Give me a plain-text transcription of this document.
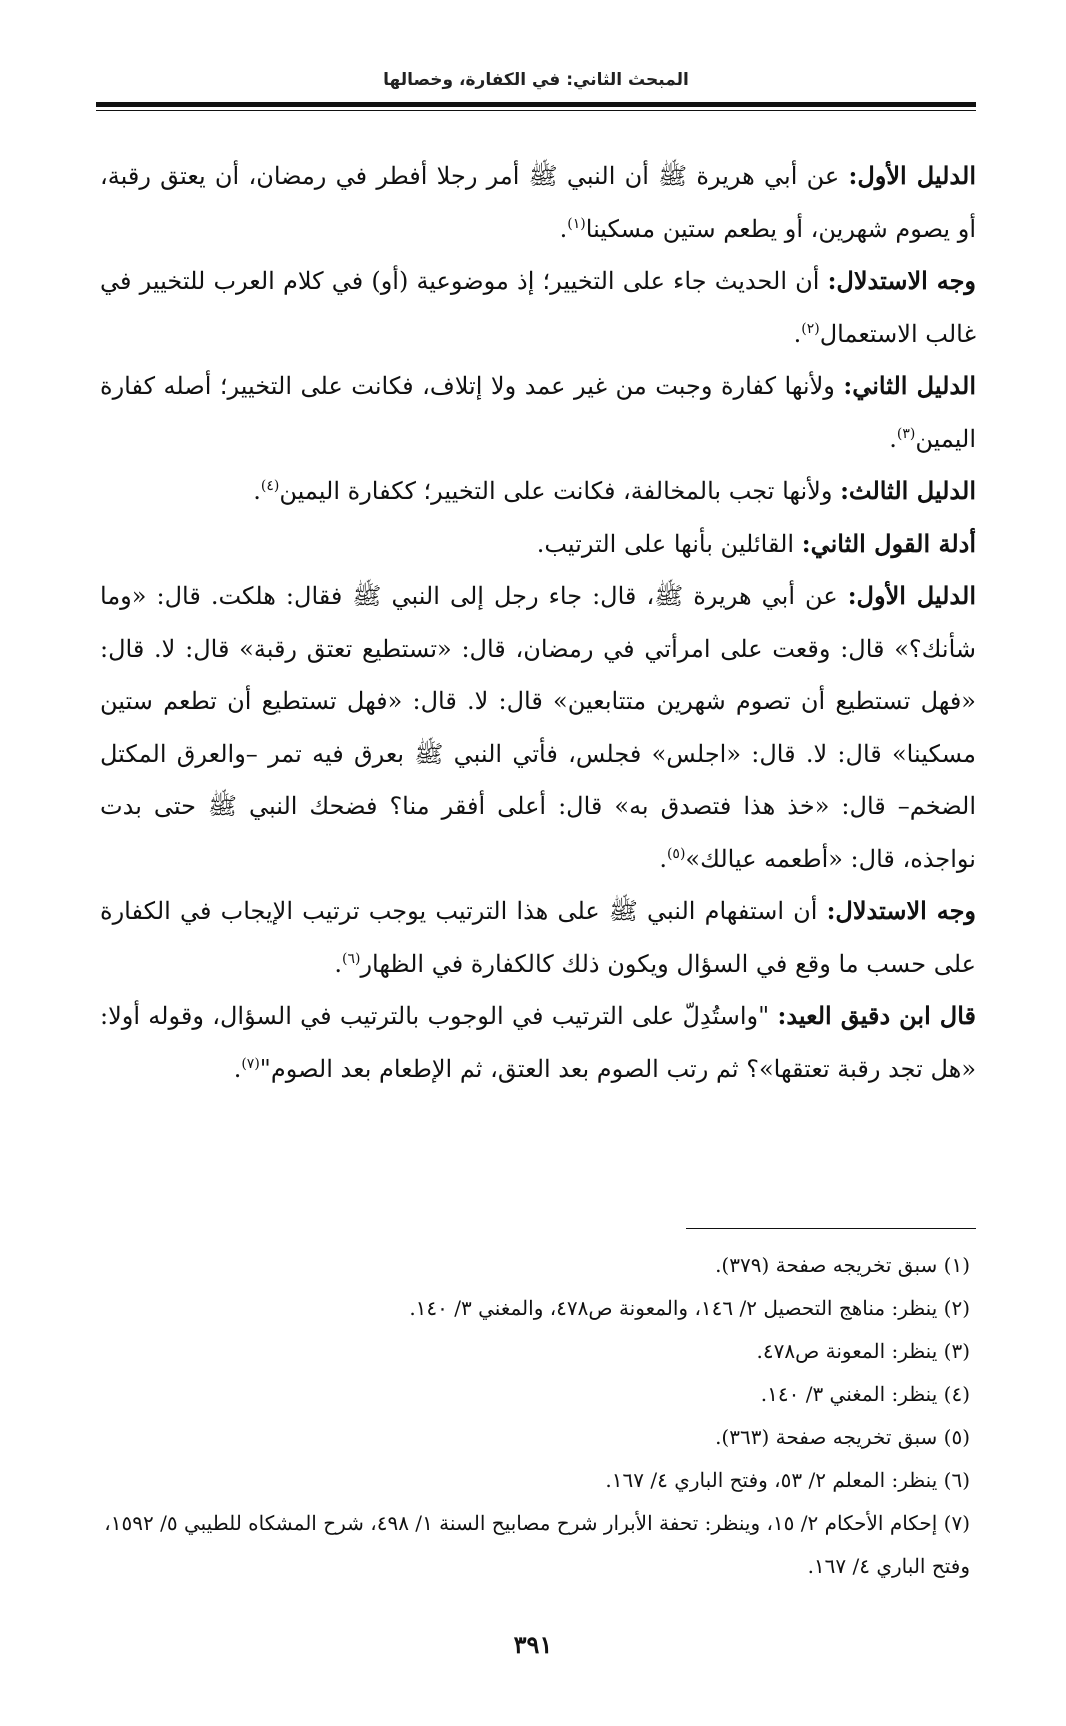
المبحث الثاني: في الكفارة، وخصالها

الدليل الأول: عن أبي هريرة ﷺ أن النبي ﷺ أمر رجلا أفطر في رمضان، أن يعتق رقبة، أو يصوم شهرين، أو يطعم ستين مسكينا$^{(١)}$.

وجه الاستدلال: أن الحديث جاء على التخيير؛ إذ موضوعية (أو) في كلام العرب للتخيير في غالب الاستعمال$^{(٢)}$.

الدليل الثاني: ولأنها كفارة وجبت من غير عمد ولا إتلاف، فكانت على التخيير؛ أصله كفارة اليمين$^{(٣)}$.

الدليل الثالث: ولأنها تجب بالمخالفة، فكانت على التخيير؛ ككفارة اليمين$^{(٤)}$.

أدلة القول الثاني: القائلين بأنها على الترتيب.

الدليل الأول: عن أبي هريرة ﷺ، قال: جاء رجل إلى النبي ﷺ فقال: هلكت. قال: «وما شأنك؟» قال: وقعت على امرأتي في رمضان، قال: «تستطيع تعتق رقبة» قال: لا. قال: «فهل تستطيع أن تصوم شهرين متتابعين» قال: لا. قال: «فهل تستطيع أن تطعم ستين مسكينا» قال: لا. قال: «اجلس» فجلس، فأتي النبي ﷺ بعرق فيه تمر –والعرق المكتل الضخم– قال: «خذ هذا فتصدق به» قال: أعلى أفقر منا؟ فضحك النبي ﷺ حتى بدت نواجذه، قال: «أطعمه عيالك»$^{(٥)}$.

وجه الاستدلال: أن استفهام النبي ﷺ على هذا الترتيب يوجب ترتيب الإيجاب في الكفارة على حسب ما وقع في السؤال ويكون ذلك كالكفارة في الظهار$^{(٦)}$.

قال ابن دقيق العيد: "واستُدِلّ على الترتيب في الوجوب بالترتيب في السؤال، وقوله أولا: «هل تجد رقبة تعتقها»؟ ثم رتب الصوم بعد العتق، ثم الإطعام بعد الصوم"$^{(٧)}$.

(١) سبق تخريجه صفحة (٣٧٩).

(٢) ينظر: مناهج التحصيل ٢/ ١٤٦، والمعونة ص٤٧٨، والمغني ٣/ ١٤٠.

(٣) ينظر: المعونة ص٤٧٨.

(٤) ينظر: المغني ٣/ ١٤٠.

(٥) سبق تخريجه صفحة (٣٦٣).

(٦) ينظر: المعلم ٢/ ٥٣، وفتح الباري ٤/ ١٦٧.

(٧) إحكام الأحكام ٢/ ١٥، وينظر: تحفة الأبرار شرح مصابيح السنة ١/ ٤٩٨، شرح المشكاه للطيبي ٥/ ١٥٩٢، وفتح الباري ٤/ ١٦٧.

٣٩١
